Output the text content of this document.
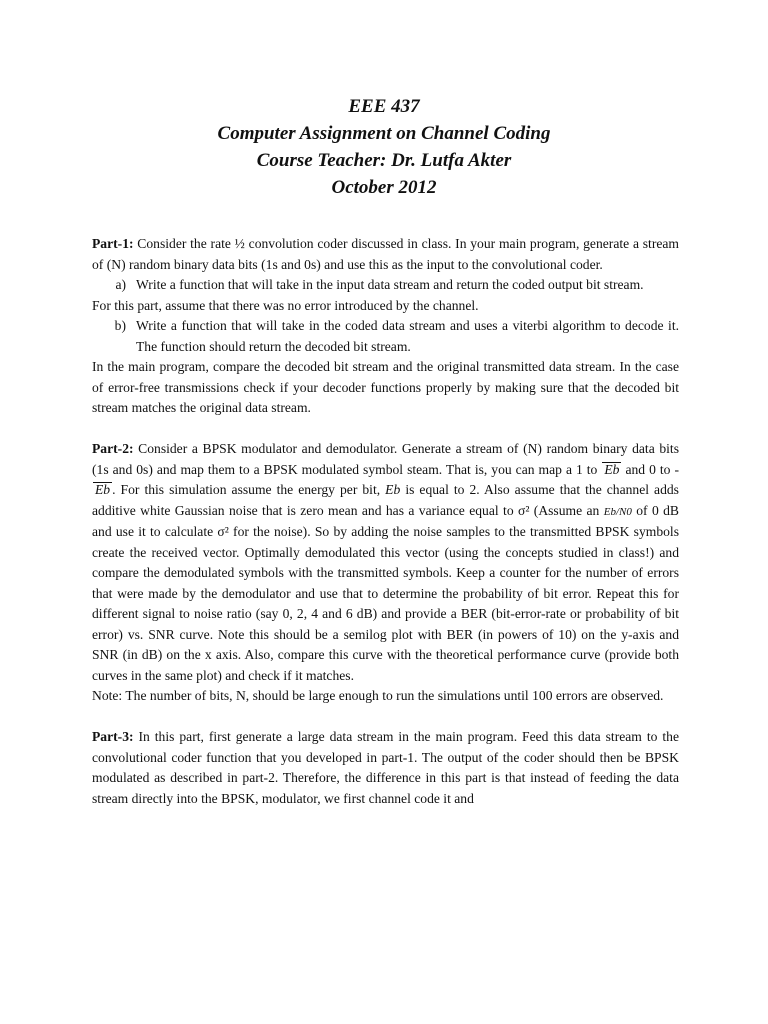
EEE 437
Computer Assignment on Channel Coding
Course Teacher: Dr. Lutfa Akter
October 2012

Part-1: Consider the rate ½ convolution coder discussed in class. In your main program, generate a stream of (N) random binary data bits (1s and 0s) and use this as the input to the convolutional coder.

a) Write a function that will take in the input data stream and return the coded output bit stream.

For this part, assume that there was no error introduced by the channel.

b) Write a function that will take in the coded data stream and uses a viterbi algorithm to decode it. The function should return the decoded bit stream.

In the main program, compare the decoded bit stream and the original transmitted data stream. In the case of error-free transmissions check if your decoder functions properly by making sure that the decoded bit stream matches the original data stream.

Part-2: Consider a BPSK modulator and demodulator. Generate a stream of (N) random binary data bits (1s and 0s) and map them to a BPSK modulated symbol steam. That is, you can map a 1 to Eb and 0 to -Eb . For this simulation assume the energy per bit, Eb is equal to 2. Also assume that the channel adds additive white Gaussian noise that is zero mean and has a variance equal to σ² (Assume an Eb/N0 of 0 dB and use it to calculate σ² for the noise). So by adding the noise samples to the transmitted BPSK symbols create the received vector. Optimally demodulated this vector (using the concepts studied in class!) and compare the demodulated symbols with the transmitted symbols. Keep a counter for the number of errors that were made by the demodulator and use that to determine the probability of bit error. Repeat this for different signal to noise ratio (say 0, 2, 4 and 6 dB) and provide a BER (bit-error-rate or probability of bit error) vs. SNR curve. Note this should be a semilog plot with BER (in powers of 10) on the y-axis and SNR (in dB) on the x axis. Also, compare this curve with the theoretical performance curve (provide both curves in the same plot) and check if it matches.

Note: The number of bits, N, should be large enough to run the simulations until 100 errors are observed.

Part-3: In this part, first generate a large data stream in the main program. Feed this data stream to the convolutional coder function that you developed in part-1. The output of the coder should then be BPSK modulated as described in part-2. Therefore, the difference in this part is that instead of feeding the data stream directly into the BPSK, modulator, we first channel code it and
